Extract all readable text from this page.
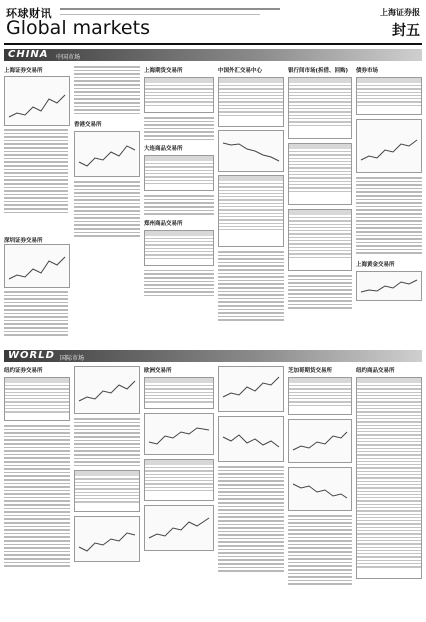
环球财讯
Global markets
上海证券报
封五
CHINA 中国市场
上海证券交易所
深圳证券交易所
香港交易所
上海期货交易所
大连商品交易所
郑州商品交易所
中国外汇交易中心	银行间市场(拆借、回购)	债券市场
上海黄金交易所
WORLD 国际市场
纽约证券交易所	欧洲交易所	芝加哥期货交易所	纽约商品交易所
